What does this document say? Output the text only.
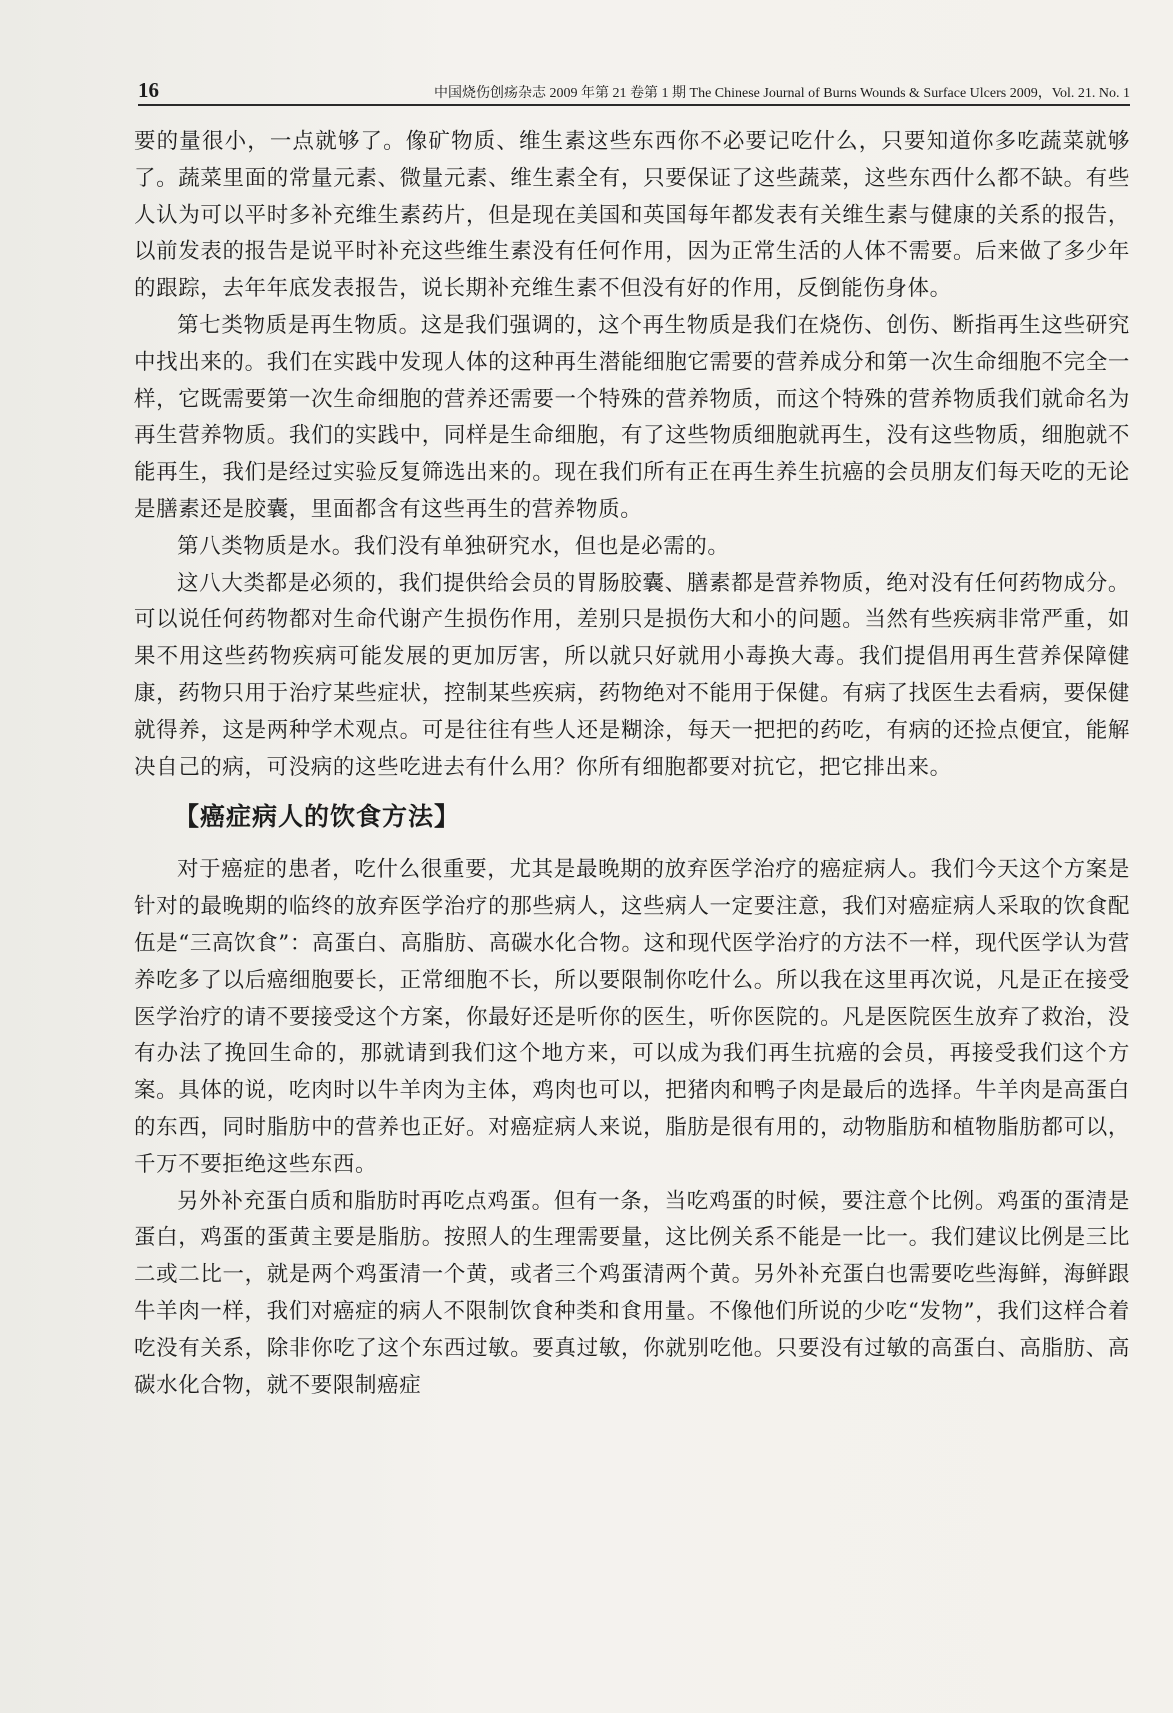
16	中国烧伤创疡杂志 2009 年第 21 卷第 1 期 The Chinese Journal of Burns Wounds & Surface Ulcers 2009，Vol. 21. No. 1

要的量很小，一点就够了。像矿物质、维生素这些东西你不必要记吃什么，只要知道你多吃蔬菜就够了。蔬菜里面的常量元素、微量元素、维生素全有，只要保证了这些蔬菜，这些东西什么都不缺。有些人认为可以平时多补充维生素药片，但是现在美国和英国每年都发表有关维生素与健康的关系的报告，以前发表的报告是说平时补充这些维生素没有任何作用，因为正常生活的人体不需要。后来做了多少年的跟踪，去年年底发表报告，说长期补充维生素不但没有好的作用，反倒能伤身体。

第七类物质是再生物质。这是我们强调的，这个再生物质是我们在烧伤、创伤、断指再生这些研究中找出来的。我们在实践中发现人体的这种再生潜能细胞它需要的营养成分和第一次生命细胞不完全一样，它既需要第一次生命细胞的营养还需要一个特殊的营养物质，而这个特殊的营养物质我们就命名为再生营养物质。我们的实践中，同样是生命细胞，有了这些物质细胞就再生，没有这些物质，细胞就不能再生，我们是经过实验反复筛选出来的。现在我们所有正在再生养生抗癌的会员朋友们每天吃的无论是膳素还是胶囊，里面都含有这些再生的营养物质。

第八类物质是水。我们没有单独研究水，但也是必需的。

这八大类都是必须的，我们提供给会员的胃肠胶囊、膳素都是营养物质，绝对没有任何药物成分。可以说任何药物都对生命代谢产生损伤作用，差别只是损伤大和小的问题。当然有些疾病非常严重，如果不用这些药物疾病可能发展的更加厉害，所以就只好就用小毒换大毒。我们提倡用再生营养保障健康，药物只用于治疗某些症状，控制某些疾病，药物绝对不能用于保健。有病了找医生去看病，要保健就得养，这是两种学术观点。可是往往有些人还是糊涂，每天一把把的药吃，有病的还捡点便宜，能解决自己的病，可没病的这些吃进去有什么用？你所有细胞都要对抗它，把它排出来。

【癌症病人的饮食方法】

对于癌症的患者，吃什么很重要，尤其是最晚期的放弃医学治疗的癌症病人。我们今天这个方案是针对的最晚期的临终的放弃医学治疗的那些病人，这些病人一定要注意，我们对癌症病人采取的饮食配伍是“三高饮食”：高蛋白、高脂肪、高碳水化合物。这和现代医学治疗的方法不一样，现代医学认为营养吃多了以后癌细胞要长，正常细胞不长，所以要限制你吃什么。所以我在这里再次说，凡是正在接受医学治疗的请不要接受这个方案，你最好还是听你的医生，听你医院的。凡是医院医生放弃了救治，没有办法了挽回生命的，那就请到我们这个地方来，可以成为我们再生抗癌的会员，再接受我们这个方案。具体的说，吃肉时以牛羊肉为主体，鸡肉也可以，把猪肉和鸭子肉是最后的选择。牛羊肉是高蛋白的东西，同时脂肪中的营养也正好。对癌症病人来说，脂肪是很有用的，动物脂肪和植物脂肪都可以，千万不要拒绝这些东西。

另外补充蛋白质和脂肪时再吃点鸡蛋。但有一条，当吃鸡蛋的时候，要注意个比例。鸡蛋的蛋清是蛋白，鸡蛋的蛋黄主要是脂肪。按照人的生理需要量，这比例关系不能是一比一。我们建议比例是三比二或二比一，就是两个鸡蛋清一个黄，或者三个鸡蛋清两个黄。另外补充蛋白也需要吃些海鲜，海鲜跟牛羊肉一样，我们对癌症的病人不限制饮食种类和食用量。不像他们所说的少吃“发物”，我们这样合着吃没有关系，除非你吃了这个东西过敏。要真过敏，你就别吃他。只要没有过敏的高蛋白、高脂肪、高碳水化合物，就不要限制癌症
